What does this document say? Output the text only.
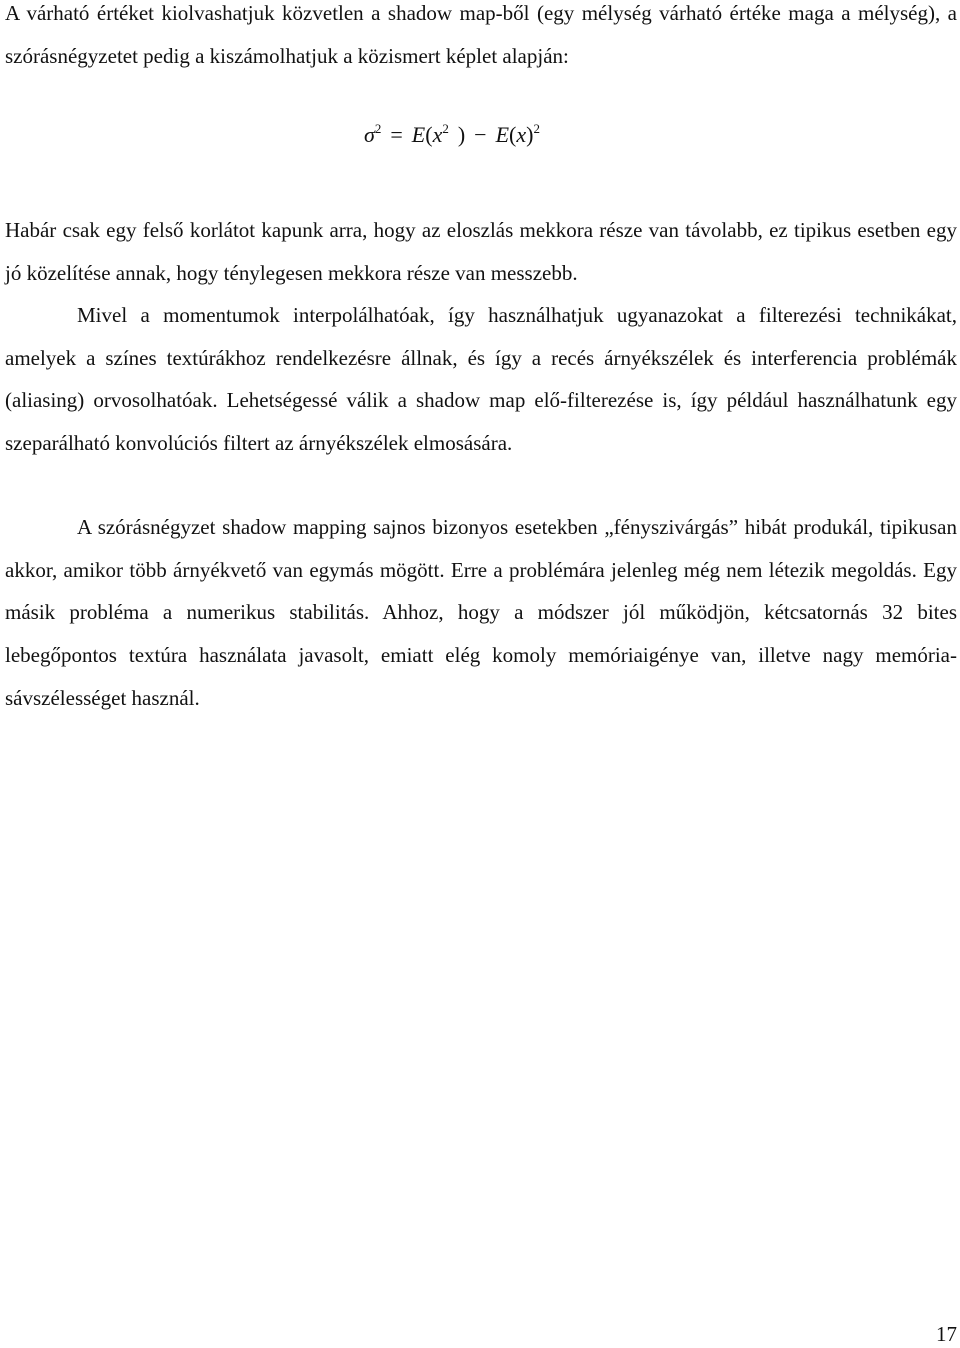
A várható értéket kiolvashatjuk közvetlen a shadow map-ből (egy mélység várható értéke maga a mélység), a szórásnégyzetet pedig a kiszámolhatjuk a közismert képlet alapján:

$\sigma^2 = E(x^2$ ) − $E(x)^2$

Habár csak egy felső korlátot kapunk arra, hogy az eloszlás mekkora része van távolabb, ez tipikus esetben egy jó közelítése annak, hogy ténylegesen mekkora része van messzebb.

Mivel a momentumok interpolálhatóak, így használhatjuk ugyanazokat a filterezési technikákat, amelyek a színes textúrákhoz rendelkezésre állnak, és így a recés árnyékszélek és interferencia problémák (aliasing) orvosolhatóak. Lehetségessé válik a shadow map elő-filterezése is, így például használhatunk egy szeparálható konvolúciós filtert az árnyékszélek elmosására.

A szórásnégyzet shadow mapping sajnos bizonyos esetekben „fényszivárgás” hibát produkál, tipikusan akkor, amikor több árnyékvető van egymás mögött. Erre a problémára jelenleg még nem létezik megoldás. Egy másik probléma a numerikus stabilitás. Ahhoz, hogy a módszer jól működjön, kétcsatornás 32 bites lebegőpontos textúra használata javasolt, emiatt elég komoly memóriaigénye van, illetve nagy memória-sávszélességet használ.

17
